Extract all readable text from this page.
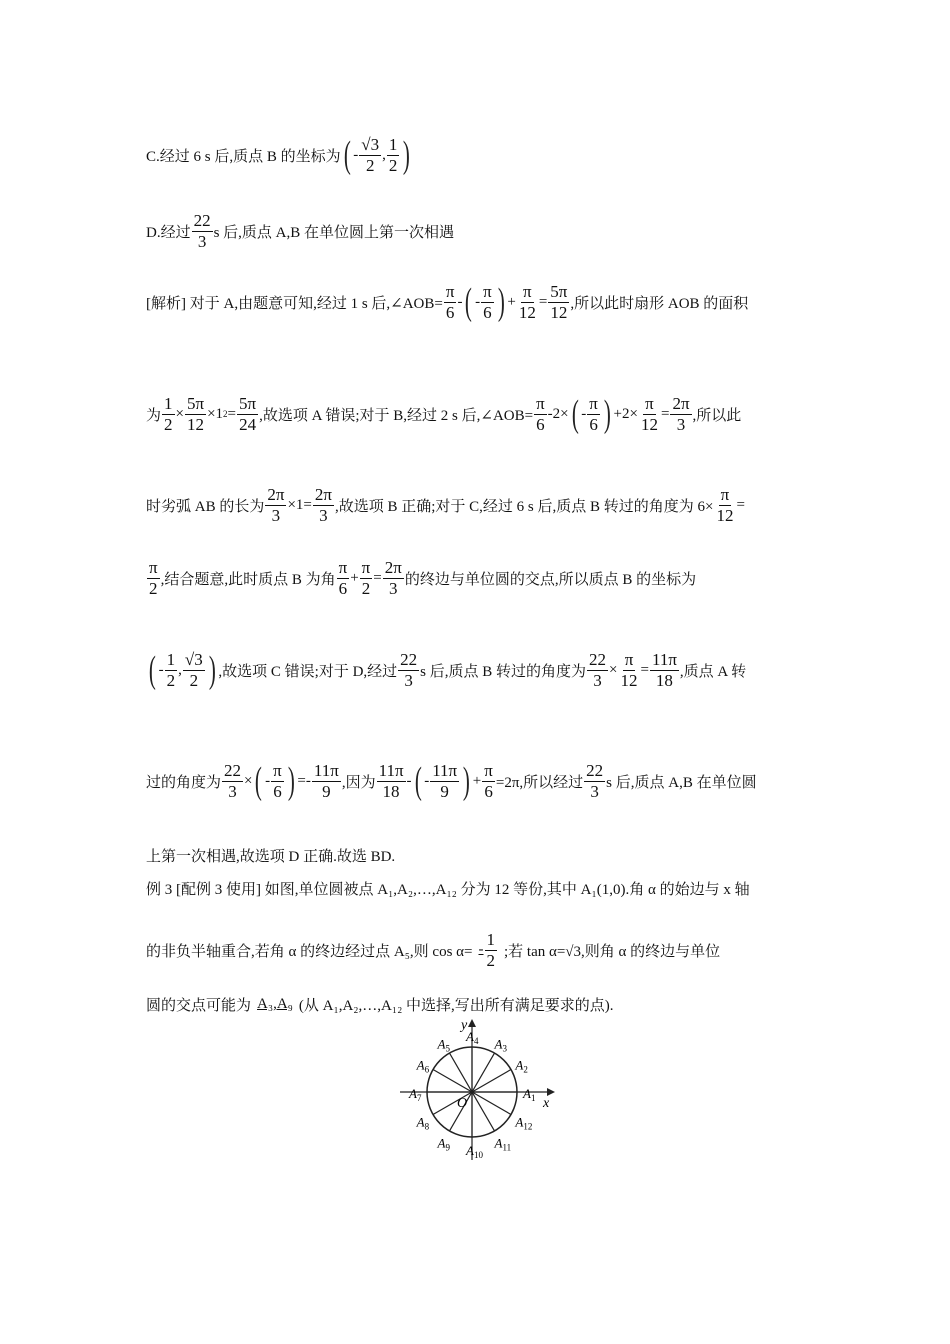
C.经过 6 s 后,质点 B 的坐标为 ( -
√3
2
,
1
2 )
D.经过
22
3 s 后,质点 A,B 在单位圆上第一次相遇
[解析] 对于 A,由题意可知,经过 1 s 后,∠AOB= $\frac{\pi}{6}$ - ( -
π
6 ) +
π
12
=
5π
12 ,所以此时扇形 AOB 的面积
为
1
2
×
5π
12
×1 2 =
5π
24 ,故选项 A 错误;对于 B,经过 2 s 后,∠AOB= $\frac{\pi}{6} -2\times$ ( -
π
6 ) +2×
π
12
=
2π
3 ,所以此
时劣弧 AB 的长为
2π
3
×1=
2π
3 ,故选项 B 正确;对于 C,经过 6 s 后,质点 B 转过的角度为 $6\times \frac{\pi}{12}$ =
π
2 ,结合题意,此时质点 B 为角
π
6
+
π
2
=
2π
3 的终边与单位圆的交点,所以质点 B 的坐标为
( -
1
2
,
√3
2 ) ,故选项 C 错误;对于 D,经过
22
3 s 后,质点 B 转过的角度为
22
3
×
π
12
=
11π
18 ,质点 A 转
过的角度为
22
3
× ( -
π
6 ) =-
11π
9 ,因为
11π
18
- ( -
11π
9 ) + $\frac{\pi}{6} =2\pi$,所以经过
22
3 s 后,质点 A,B 在单位圆
上第一次相遇,故选项 D 正确.故选 BD.
例 3 [配例 3 使用] 如图,单位圆被点 A₁,A₂,…,A₁₂ 分为 12 等份,其中 A₁(1,0).角 α 的始边与 x 轴
的非负半轴重合,若角 α 的终边经过点 A₅,则 $\cos \alpha= - \frac{1}{2}$ ;若 tan α=√3,则角 α 的终边与单位
圆的交点可能为 A₃,A₉ (从 A₁,A₂,…,A₁₂ 中选择,写出所有满足要求的点).
x
y
O
$A_1$
$A_2$
$A_3$
$A_4$
$A_5$
$A_6$
$A_7$
$A_8$
$A_9$ $A_{10}$
$A_{11}$
$A_{12}$
